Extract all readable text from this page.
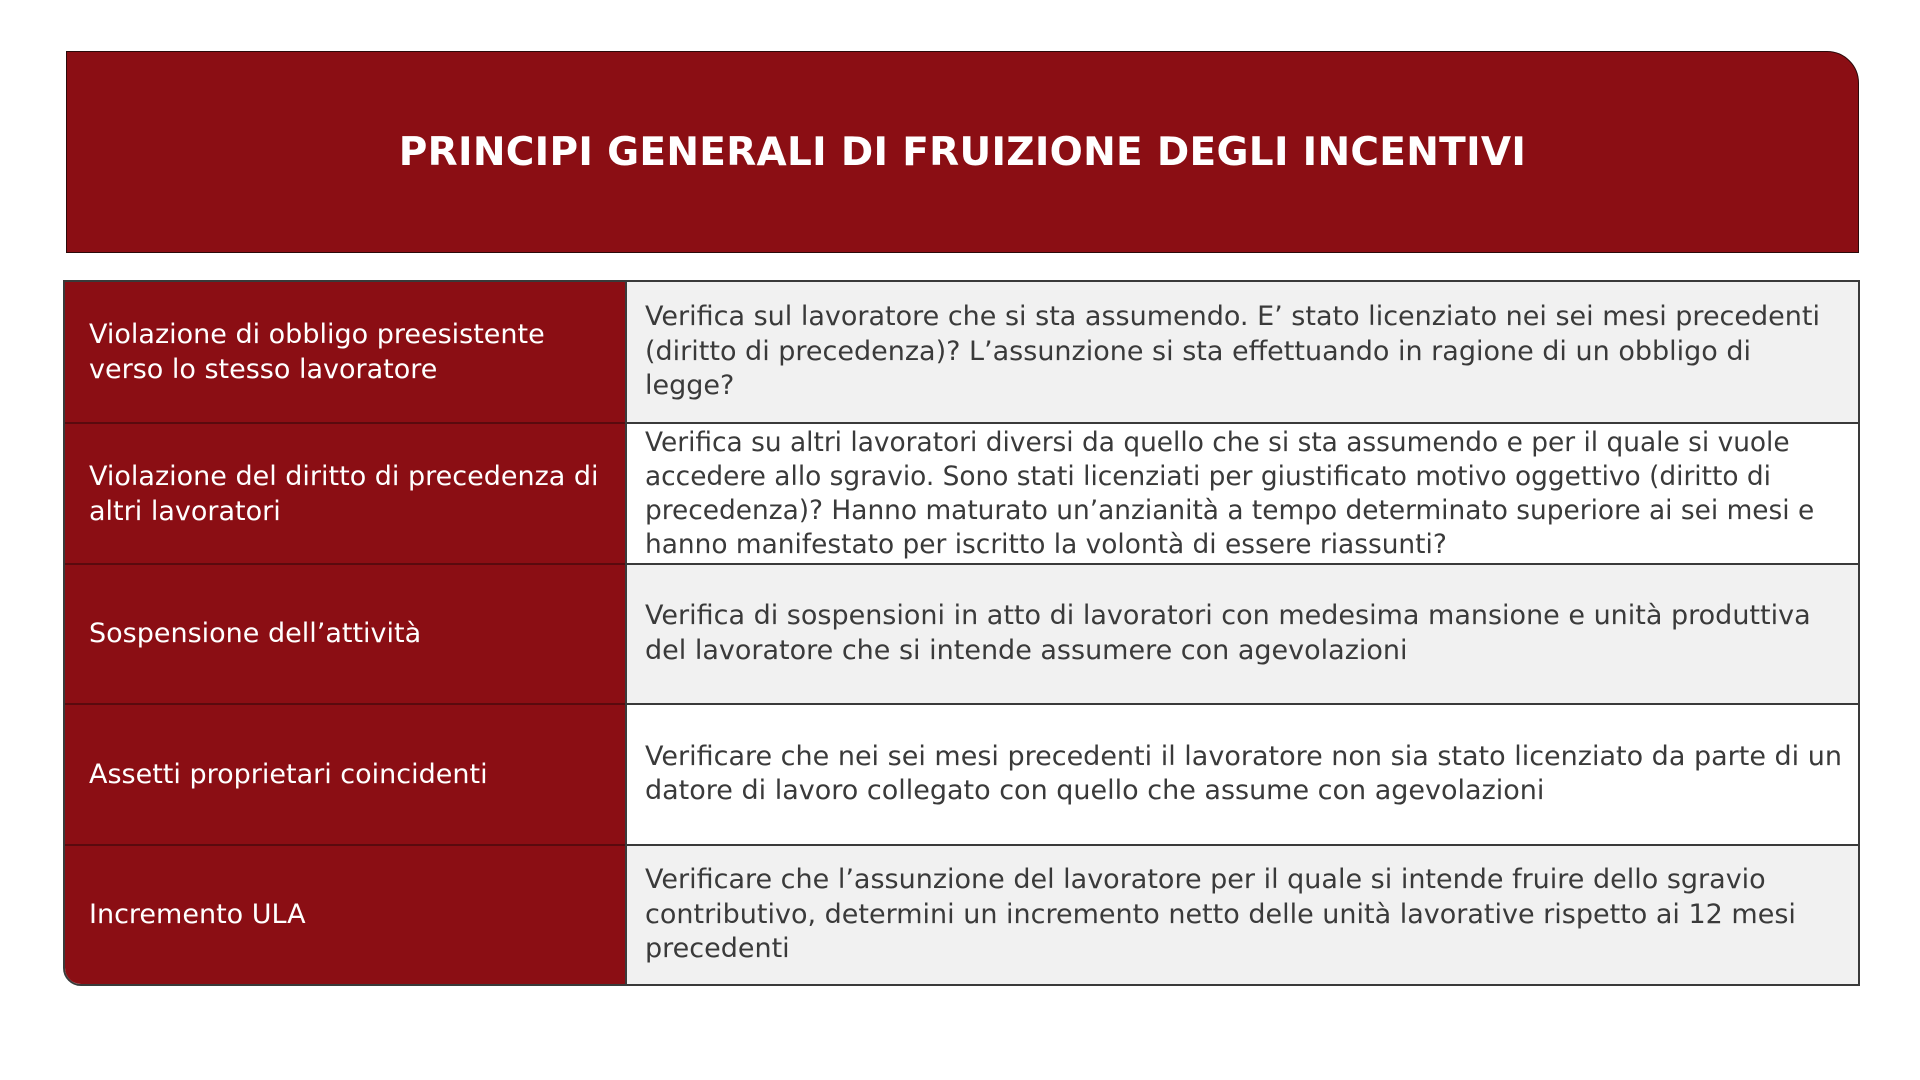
PRINCIPI GENERALI DI FRUIZIONE DEGLI INCENTIVI
Violazione di obbligo preesistente verso lo stesso lavoratore
Verifica sul lavoratore che si sta assumendo. E’ stato licenziato nei sei mesi precedenti (diritto di precedenza)? L’assunzione si sta effettuando in ragione di un obbligo di legge?
Violazione del diritto di precedenza di altri lavoratori
Verifica su altri lavoratori diversi da quello che si sta assumendo e per il quale si vuole accedere allo sgravio. Sono stati licenziati per giustificato motivo oggettivo (diritto di precedenza)? Hanno maturato un’anzianità a tempo determinato superiore ai sei mesi e hanno manifestato per iscritto la volontà di essere riassunti?
Sospensione dell’attività
Verifica di sospensioni in atto di lavoratori con medesima mansione e unità produttiva del lavoratore che si intende assumere con agevolazioni
Assetti proprietari coincidenti
Verificare che nei sei mesi precedenti il lavoratore non sia stato licenziato da parte di un datore di lavoro collegato con quello che assume con agevolazioni
Incremento ULA
Verificare che l’assunzione del lavoratore per il quale si intende fruire dello sgravio contributivo, determini un incremento netto delle unità lavorative rispetto ai 12 mesi precedenti
